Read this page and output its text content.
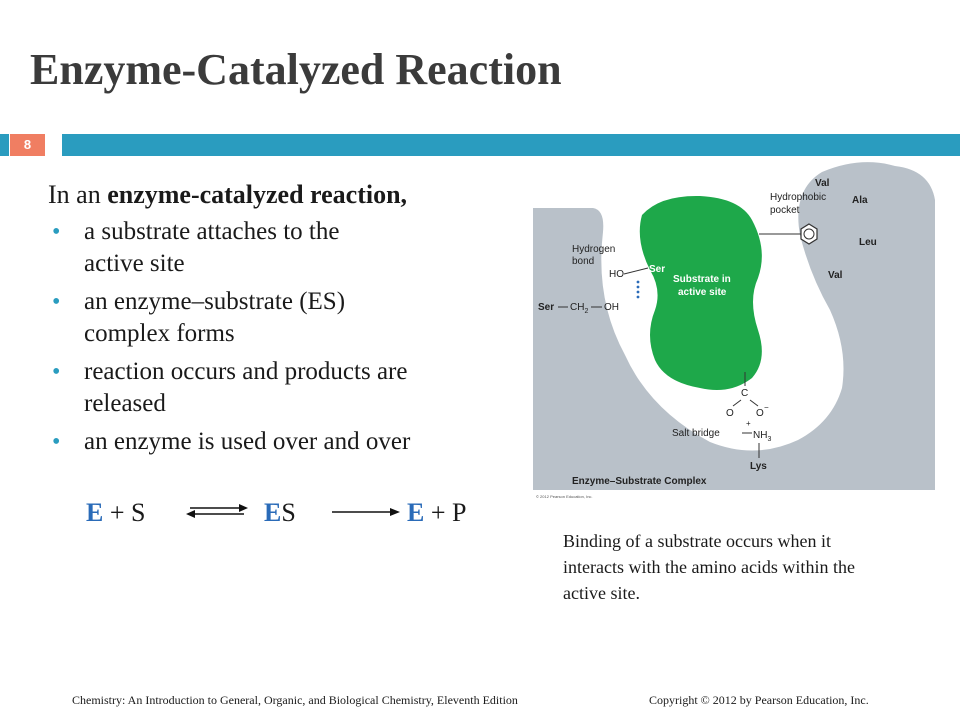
Enzyme-Catalyzed Reaction
8
In an enzyme-catalyzed reaction,
• a substrate attaches to the
active site
• an enzyme–substrate (ES)
complex forms
• reaction occurs and products are
released
• an enzyme is used over and over
E + S	ES	E + P
Val
Ala
Hydrophobic
pocket
Leu
Val
Hydrogen
bond
HO	Ser
Substrate in
active site
Ser $CH_2$ OH
C
O O
−
Salt bridge
+
$NH_3$
Lys
Enzyme–Substrate Complex
© 2012 Pearson Education, Inc.
Binding of a substrate occurs when it
interacts with the amino acids within the
active site.
Chemistry: An Introduction to General, Organic, and Biological Chemistry, Eleventh Edition	Copyright © 2012 by Pearson Education, Inc.
